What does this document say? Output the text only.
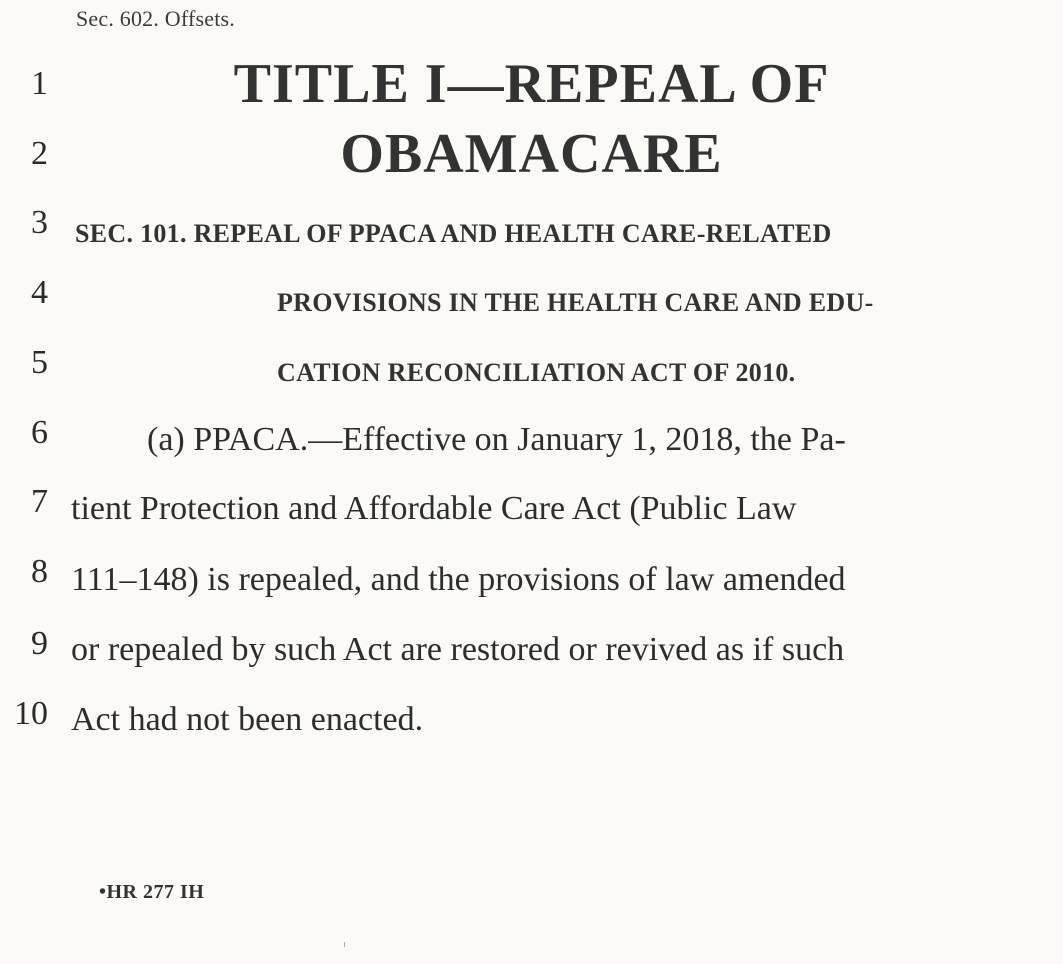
Sec. 602. Offsets.
1
2
3
4
5
6
7
8
9
10
TITLE I—REPEAL OF
OBAMACARE
SEC. 101. REPEAL OF PPACA AND HEALTH CARE-RELATED
PROVISIONS IN THE HEALTH CARE AND EDU-
CATION RECONCILIATION ACT OF 2010.
(a) PPACA.—Effective on January 1, 2018, the Pa-
tient Protection and Affordable Care Act (Public Law
111–148) is repealed, and the provisions of law amended
or repealed by such Act are restored or revived as if such
Act had not been enacted.
•HR 277 IH
